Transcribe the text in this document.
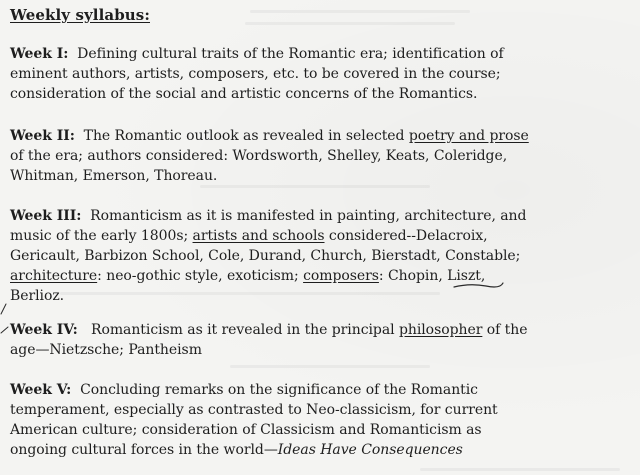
Weekly syllabus:
Week I: Defining cultural traits of the Romantic era; identification of
eminent authors, artists, composers, etc. to be covered in the course;
consideration of the social and artistic concerns of the Romantics.
Week II: The Romantic outlook as revealed in selected poetry and prose
of the era; authors considered: Wordsworth, Shelley, Keats, Coleridge,
Whitman, Emerson, Thoreau.
Week III: Romanticism as it is manifested in painting, architecture, and
music of the early 1800s; artists and schools considered--Delacroix,
Gericault, Barbizon School, Cole, Durand, Church, Bierstadt, Constable;
architecture: neo-gothic style, exoticism; composers: Chopin, Liszt,
Berlioz.
Week IV: Romanticism as it revealed in the principal philosopher of the
age—Nietzsche; Pantheism
Week V: Concluding remarks on the significance of the Romantic
temperament, especially as contrasted to Neo-classicism, for current
American culture; consideration of Classicism and Romanticism as
ongoing cultural forces in the world—Ideas Have Consequences
